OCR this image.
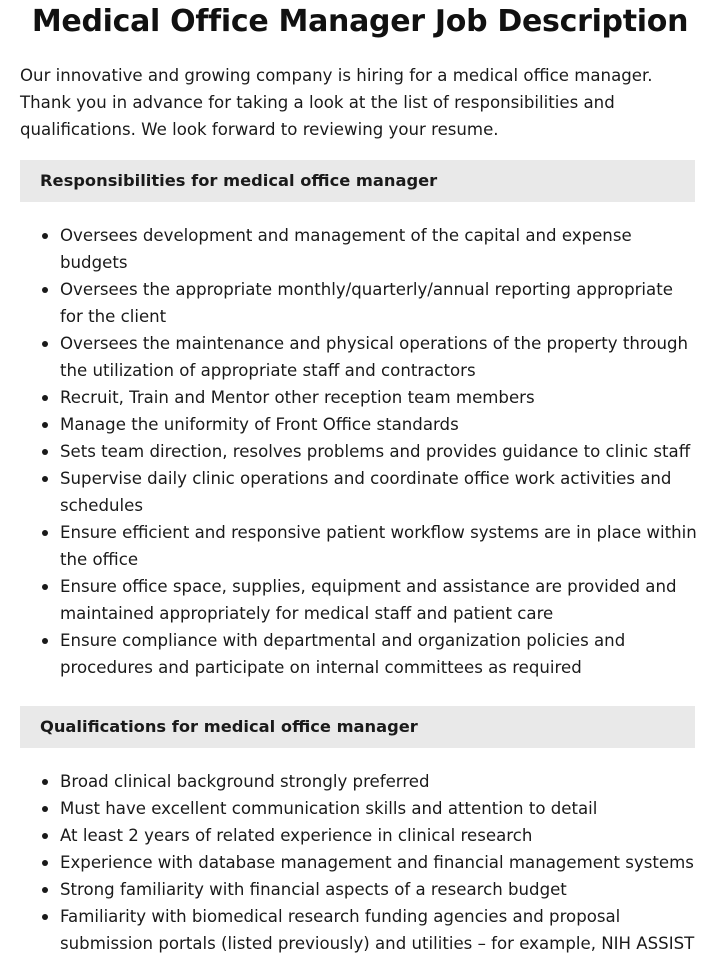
Medical Office Manager Job Description

Our innovative and growing company is hiring for a medical office manager. Thank you in advance for taking a look at the list of responsibilities and qualifications. We look forward to reviewing your resume.

Responsibilities for medical office manager
Oversees development and management of the capital and expense budgets
Oversees the appropriate monthly/quarterly/annual reporting appropriate for the client
Oversees the maintenance and physical operations of the property through the utilization of appropriate staff and contractors
Recruit, Train and Mentor other reception team members
Manage the uniformity of Front Office standards
Sets team direction, resolves problems and provides guidance to clinic staff
Supervise daily clinic operations and coordinate office work activities and schedules
Ensure efficient and responsive patient workflow systems are in place within the office
Ensure office space, supplies, equipment and assistance are provided and maintained appropriately for medical staff and patient care
Ensure compliance with departmental and organization policies and procedures and participate on internal committees as required
Qualifications for medical office manager
Broad clinical background strongly preferred
Must have excellent communication skills and attention to detail
At least 2 years of related experience in clinical research
Experience with database management and financial management systems
Strong familiarity with financial aspects of a research budget
Familiarity with biomedical research funding agencies and proposal submission portals (listed previously) and utilities – for example, NIH ASSIST
